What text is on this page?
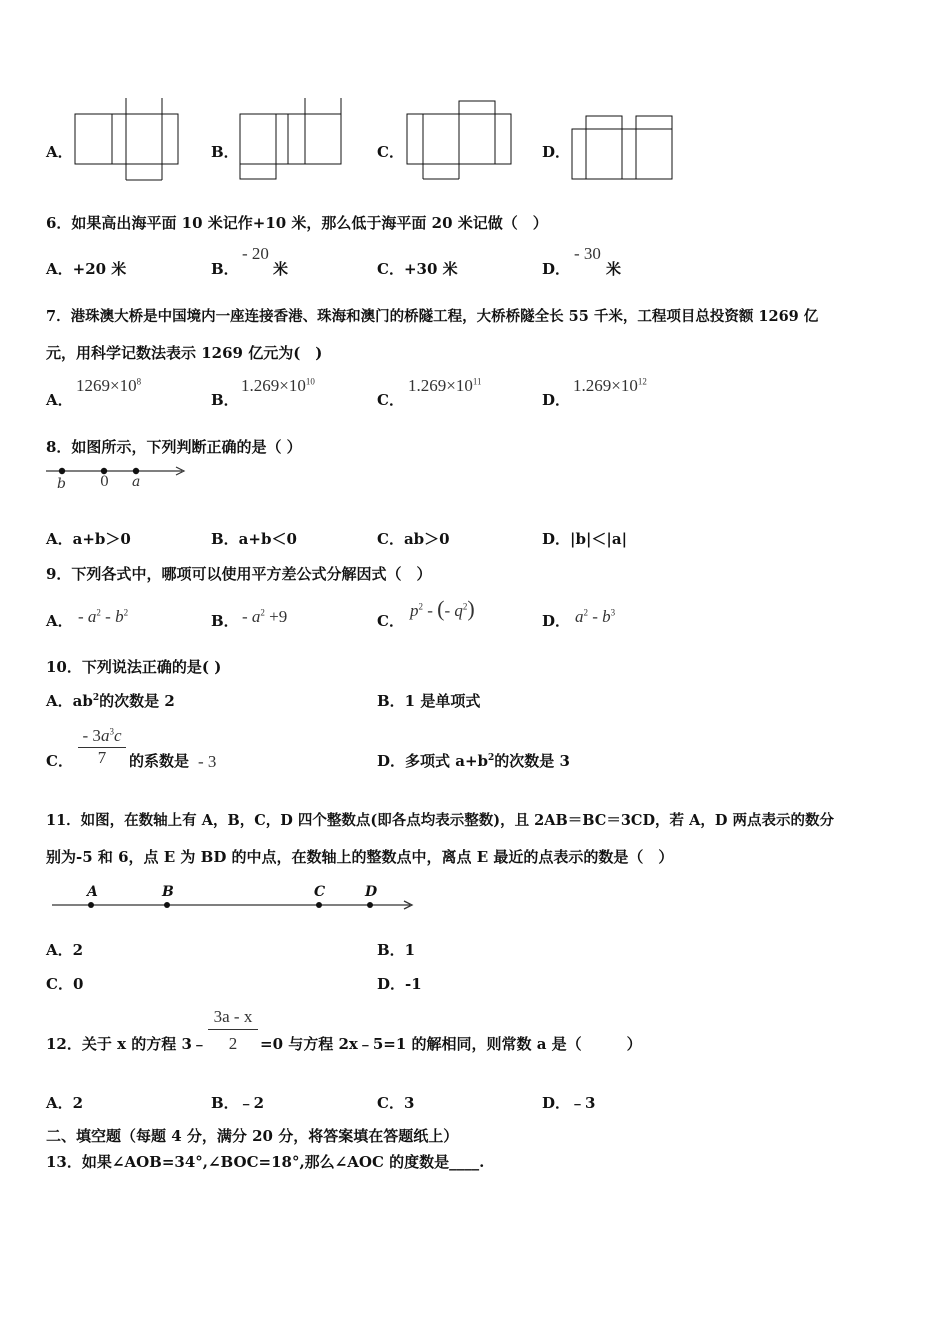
A．	B．	C．	D．
6．如果高出海平面 10 米记作+10 米，那么低于海平面 20 米记做（　）
A．+20 米	B．
- 20
米	C．+30 米	D．
- 30
米
7．港珠澳大桥是中国境内一座连接香港、珠海和澳门的桥隧工程，大桥桥隧全长 55 千米，工程项目总投资额 1269 亿
元，用科学记数法表示 1269 亿元为(　)
A．
$1269\times 10^8$
B．
$1.269\times 10^{10}$
C．
$1.269\times 10^{11}$
D．
$1.269\times 10^{12}$
8．如图所示，下列判断正确的是（ ）
b 0 a
A．a+b＞0	B．a+b＜0	C．ab＞0	D．|b|＜|a|
9．下列各式中，哪项可以使用平方差公式分解因式（　）
A． - $a^2 - b^2$	B． - $a^2 +9$	C．
$p^2$ - (- $q^2$)	D． $a^2 - b^3$
10．下列说法正确的是( )
A．$ab^2$的次数是 2	B．1 是单项式
C．
- $3a^3c$
7	的系数是 - 3	D．多项式 $a+b^2$的次数是 3
11．如图，在数轴上有 A，B，C，D 四个整数点(即各点均表示整数)，且 2AB＝BC＝3CD，若 A，D 两点表示的数分
别为-5 和 6，点 E 为 BD 的中点，在数轴上的整数点中，离点 E 最近的点表示的数是（　）
A	B	C	D
A．2	B．1
C．0	D．-1
12．关于 x 的方程 3﹣
3a - x
2	=0 与方程 2x﹣5=1 的解相同，则常数 a 是（　　　）
A．2	B．﹣2	C．3	D．﹣3
二、填空题（每题 4 分，满分 20 分，将答案填在答题纸上）
13．如果∠AOB=34°,∠BOC=18°,那么∠AOC 的度数是____.
